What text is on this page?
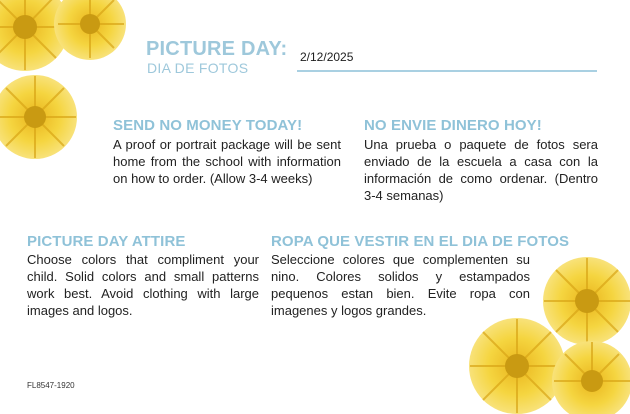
PICTURE DAY:
DIA DE FOTOS
2/12/2025
SEND NO MONEY TODAY!
A proof or portrait package will be sent home from the school with information on how to order. (Allow 3-4 weeks)
NO ENVIE DINERO HOY!
Una prueba o paquete de fotos sera enviado de la escuela a casa con la información de como ordenar. (Dentro 3-4 semanas)
PICTURE DAY ATTIRE
Choose colors that compliment your child. Solid colors and small patterns work best. Avoid clothing with large images and logos.
ROPA QUE VESTIR EN EL DIA DE FOTOS
Seleccione colores que complementen su nino. Colores solidos y estampados pequenos estan bien. Evite ropa con imagenes y logos grandes.
FL8547-1920
